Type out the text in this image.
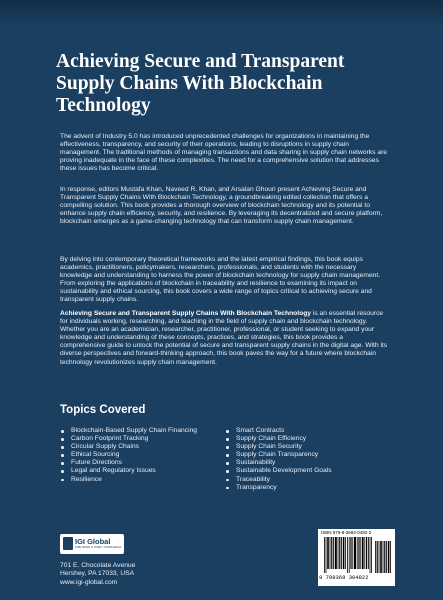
Achieving Secure and Transparent Supply Chains With Blockchain Technology

The advent of Industry 5.0 has introduced unprecedented challenges for organizations in maintaining the effectiveness, transparency, and security of their operations, leading to disruptions in supply chain management. The traditional methods of managing transactions and data sharing in supply chain networks are proving inadequate in the face of these complexities. The need for a comprehensive solution that addresses these issues has become critical.

In response, editors Mustafa Khan, Naveed R. Khan, and Arsalan Ghouri present Achieving Secure and Transparent Supply Chains With Blockchain Technology, a groundbreaking edited collection that offers a compelling solution. This book provides a thorough overview of blockchain technology and its potential to enhance supply chain efficiency, security, and resilience. By leveraging its decentralized and secure platform, blockchain emerges as a game-changing technology that can transform supply chain management.

By delving into contemporary theoretical frameworks and the latest empirical findings, this book equips academics, practitioners, policymakers, researchers, professionals, and students with the necessary knowledge and understanding to harness the power of blockchain technology for supply chain management. From exploring the applications of blockchain in traceability and resilience to examining its impact on sustainability and ethical sourcing, this book covers a wide range of topics critical to achieving secure and transparent supply chains.

Achieving Secure and Transparent Supply Chains With Blockchain Technology is an essential resource for individuals working, researching, and teaching in the field of supply chain and blockchain technology. Whether you are an academician, researcher, practitioner, professional, or student seeking to expand your knowledge and understanding of these concepts, practices, and strategies, this book provides a comprehensive guide to unlock the potential of secure and transparent supply chains in the digital age. With its diverse perspectives and forward-thinking approach, this book paves the way for a future where blockchain technology revolutionizes supply chain management.

Topics Covered
Blockchain-Based Supply Chain Financing
Carbon Footprint Tracking
Circular Supply Chains
Ethical Sourcing
Future Directions
Legal and Regulatory Issues
Resilience
Smart Contracts
Supply Chain Efficiency
Supply Chain Security
Supply Chain Transparency
Sustainability
Sustainable Development Goals
Traceability
Transparency
IGI Global
PUBLISHER of TIMELY KNOWLEDGE
701 E. Chocolate Avenue
Hershey, PA 17033, USA
www.igi-global.com
ISBN 979-8-3693-0482-2
9 798369 304822
